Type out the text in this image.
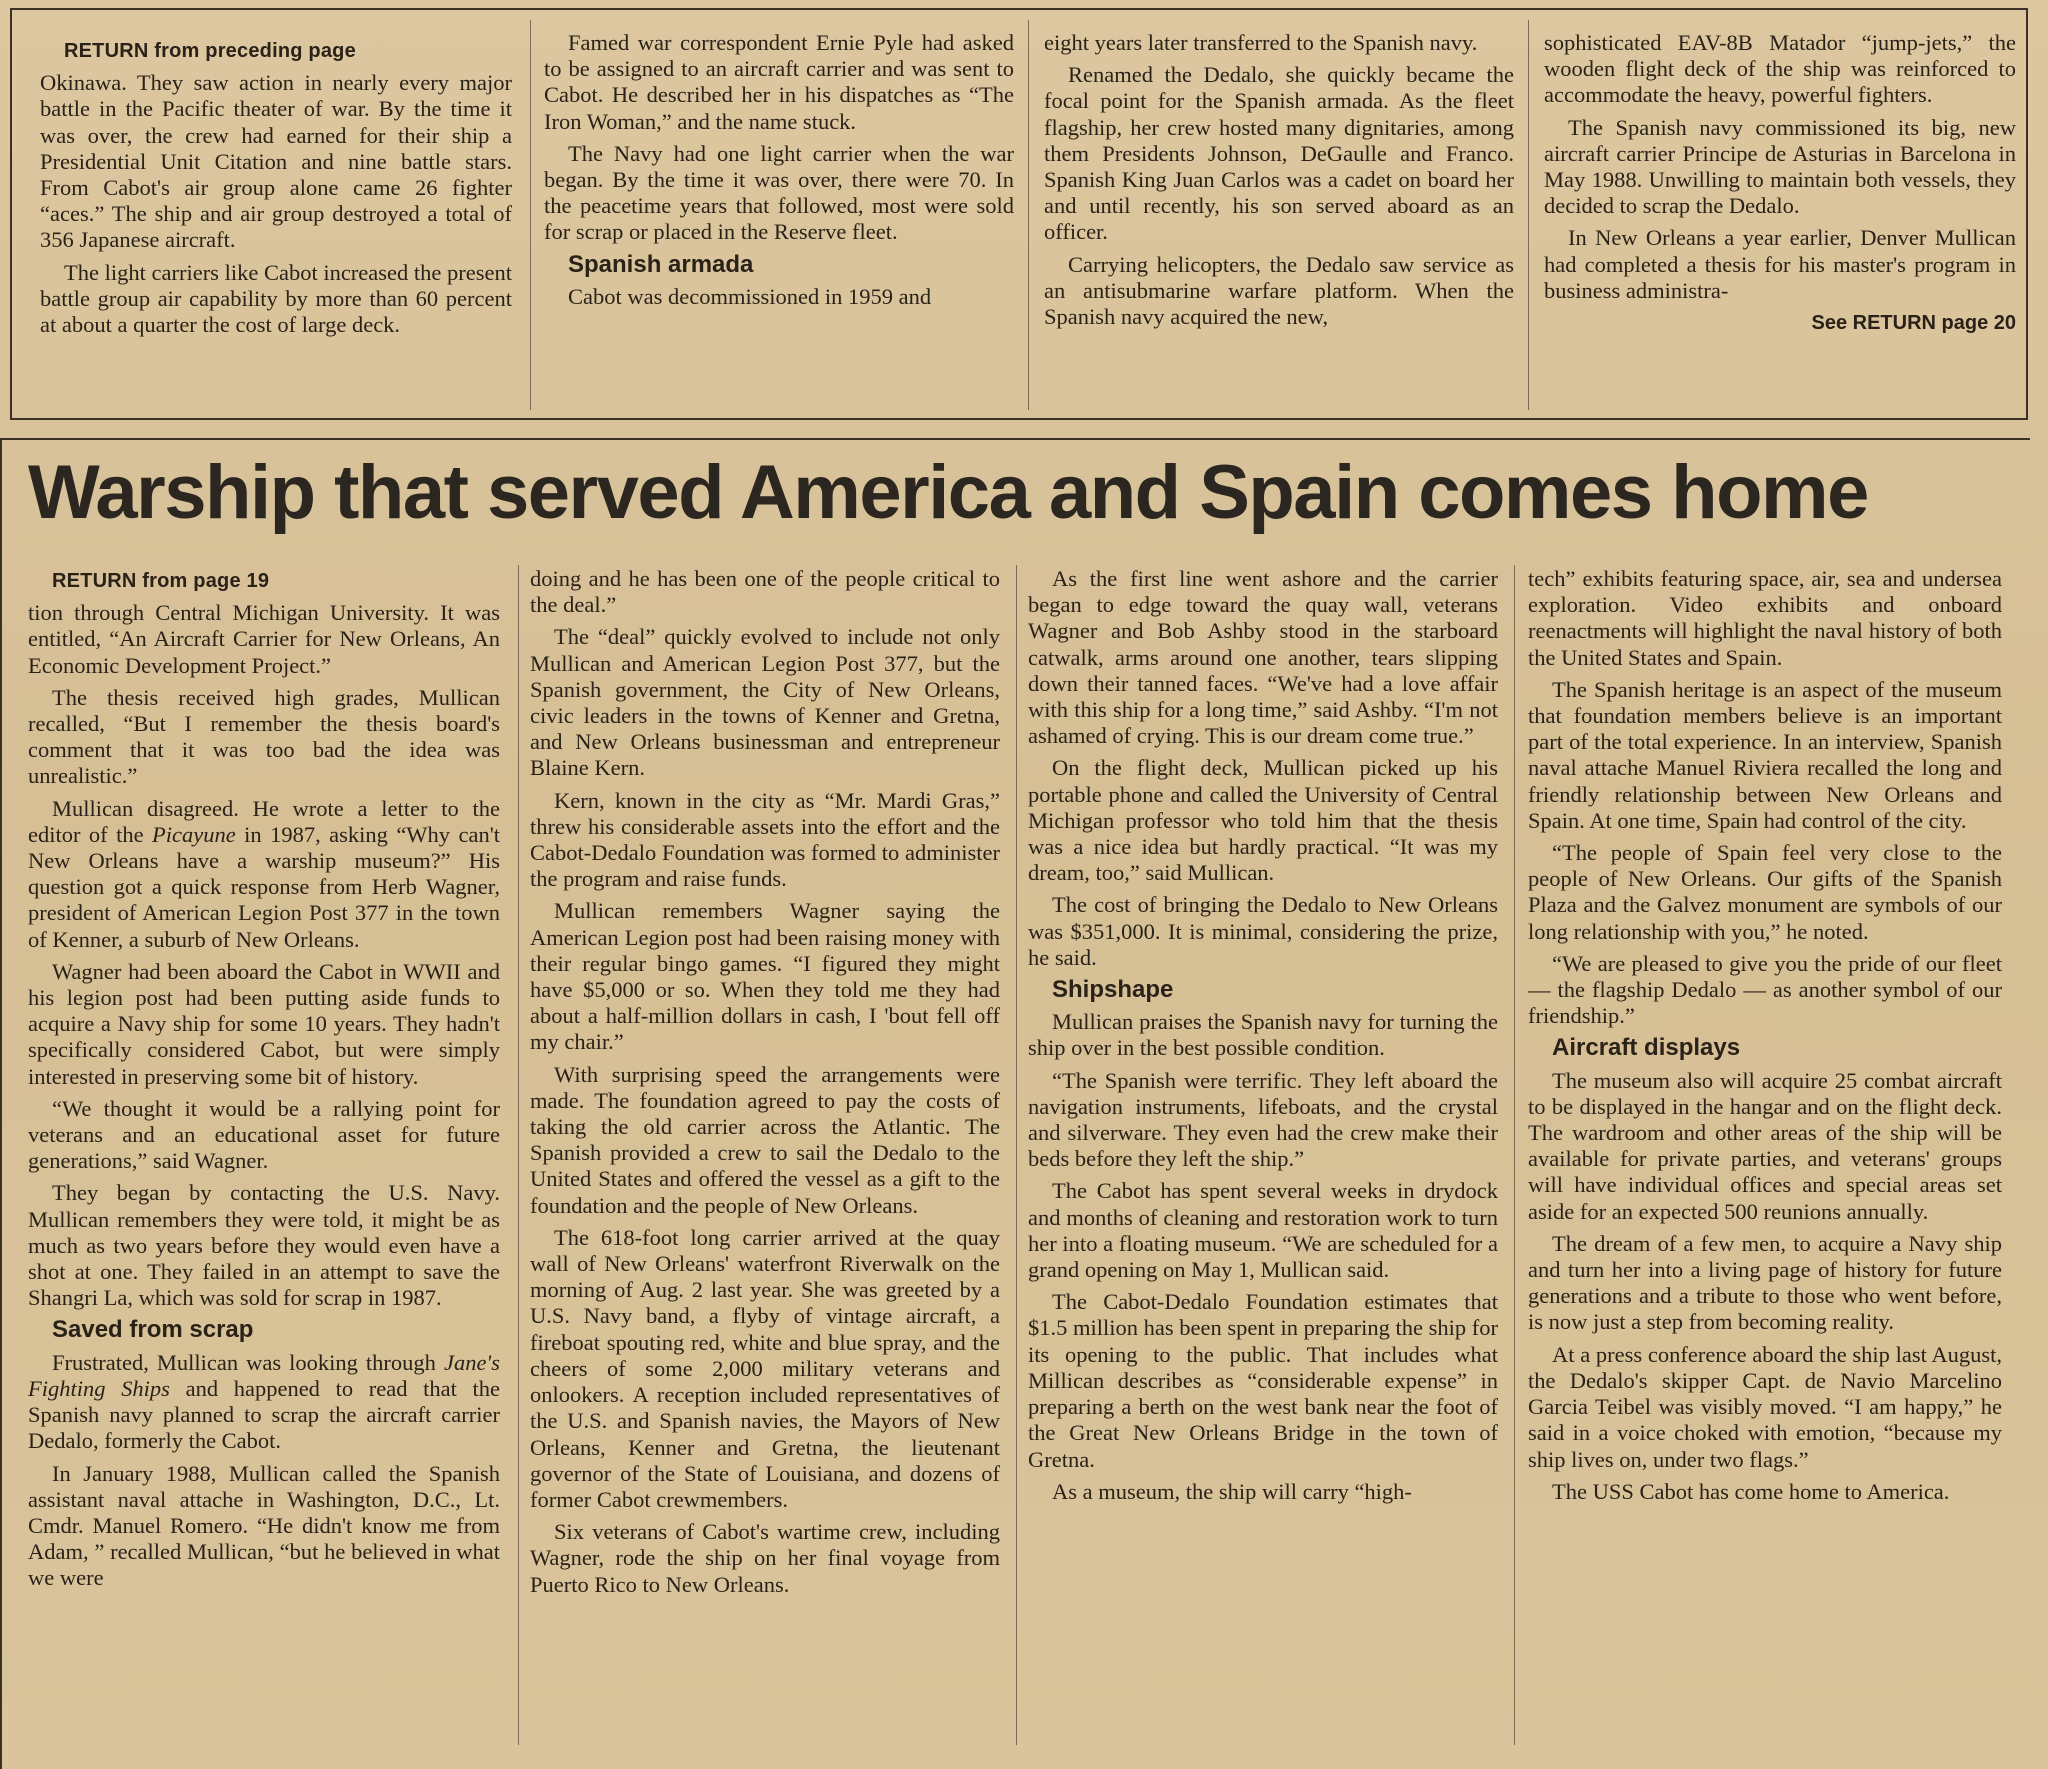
RETURN from preceding page

Okinawa. They saw action in nearly every major battle in the Pacific theater of war. By the time it was over, the crew had earned for their ship a Presidential Unit Citation and nine battle stars. From Cabot's air group alone came 26 fighter “aces.” The ship and air group destroyed a total of 356 Japanese aircraft.

The light carriers like Cabot increased the present battle group air capability by more than 60 percent at about a quarter the cost of large deck.

Famed war correspondent Ernie Pyle had asked to be assigned to an aircraft carrier and was sent to Cabot. He described her in his dispatches as “The Iron Woman,” and the name stuck.

The Navy had one light carrier when the war began. By the time it was over, there were 70. In the peacetime years that followed, most were sold for scrap or placed in the Reserve fleet.

Spanish armada

Cabot was decommissioned in 1959 and

eight years later transferred to the Spanish navy.

Renamed the Dedalo, she quickly became the focal point for the Spanish armada. As the fleet flagship, her crew hosted many dignitaries, among them Presidents Johnson, DeGaulle and Franco. Spanish King Juan Carlos was a cadet on board her and until recently, his son served aboard as an officer.

Carrying helicopters, the Dedalo saw service as an antisubmarine warfare platform. When the Spanish navy acquired the new,

sophisticated EAV-8B Matador “jump-jets,” the wooden flight deck of the ship was reinforced to accommodate the heavy, powerful fighters.

The Spanish navy commissioned its big, new aircraft carrier Principe de Asturias in Barcelona in May 1988. Unwilling to maintain both vessels, they decided to scrap the Dedalo.

In New Orleans a year earlier, Denver Mullican had completed a thesis for his master's program in business administra-

See RETURN page 20

Warship that served America and Spain comes home

RETURN from page 19

tion through Central Michigan University. It was entitled, “An Aircraft Carrier for New Orleans, An Economic Development Project.”

The thesis received high grades, Mullican recalled, “But I remember the thesis board's comment that it was too bad the idea was unrealistic.”

Mullican disagreed. He wrote a letter to the editor of the Picayune in 1987, asking “Why can't New Orleans have a warship museum?” His question got a quick response from Herb Wagner, president of American Legion Post 377 in the town of Kenner, a suburb of New Orleans.

Wagner had been aboard the Cabot in WWII and his legion post had been putting aside funds to acquire a Navy ship for some 10 years. They hadn't specifically considered Cabot, but were simply interested in preserving some bit of history.

“We thought it would be a rallying point for veterans and an educational asset for future generations,” said Wagner.

They began by contacting the U.S. Navy. Mullican remembers they were told, it might be as much as two years before they would even have a shot at one. They failed in an attempt to save the Shangri La, which was sold for scrap in 1987.

Saved from scrap

Frustrated, Mullican was looking through Jane's Fighting Ships and happened to read that the Spanish navy planned to scrap the aircraft carrier Dedalo, formerly the Cabot.

In January 1988, Mullican called the Spanish assistant naval attache in Washington, D.C., Lt. Cmdr. Manuel Romero. “He didn't know me from Adam, ” recalled Mullican, “but he believed in what we were

doing and he has been one of the people critical to the deal.”

The “deal” quickly evolved to include not only Mullican and American Legion Post 377, but the Spanish government, the City of New Orleans, civic leaders in the towns of Kenner and Gretna, and New Orleans businessman and entrepreneur Blaine Kern.

Kern, known in the city as “Mr. Mardi Gras,” threw his considerable assets into the effort and the Cabot-Dedalo Foundation was formed to administer the program and raise funds.

Mullican remembers Wagner saying the American Legion post had been raising money with their regular bingo games. “I figured they might have $5,000 or so. When they told me they had about a half-million dollars in cash, I 'bout fell off my chair.”

With surprising speed the arrangements were made. The foundation agreed to pay the costs of taking the old carrier across the Atlantic. The Spanish provided a crew to sail the Dedalo to the United States and offered the vessel as a gift to the foundation and the people of New Orleans.

The 618-foot long carrier arrived at the quay wall of New Orleans' waterfront Riverwalk on the morning of Aug. 2 last year. She was greeted by a U.S. Navy band, a flyby of vintage aircraft, a fireboat spouting red, white and blue spray, and the cheers of some 2,000 military veterans and onlookers. A reception included representatives of the U.S. and Spanish navies, the Mayors of New Orleans, Kenner and Gretna, the lieutenant governor of the State of Louisiana, and dozens of former Cabot crewmembers.

Six veterans of Cabot's wartime crew, including Wagner, rode the ship on her final voyage from Puerto Rico to New Orleans.

As the first line went ashore and the carrier began to edge toward the quay wall, veterans Wagner and Bob Ashby stood in the starboard catwalk, arms around one another, tears slipping down their tanned faces. “We've had a love affair with this ship for a long time,” said Ashby. “I'm not ashamed of crying. This is our dream come true.”

On the flight deck, Mullican picked up his portable phone and called the University of Central Michigan professor who told him that the thesis was a nice idea but hardly practical. “It was my dream, too,” said Mullican.

The cost of bringing the Dedalo to New Orleans was $351,000. It is minimal, considering the prize, he said.

Shipshape

Mullican praises the Spanish navy for turning the ship over in the best possible condition.

“The Spanish were terrific. They left aboard the navigation instruments, lifeboats, and the crystal and silverware. They even had the crew make their beds before they left the ship.”

The Cabot has spent several weeks in drydock and months of cleaning and restoration work to turn her into a floating museum. “We are scheduled for a grand opening on May 1, Mullican said.

The Cabot-Dedalo Foundation estimates that $1.5 million has been spent in preparing the ship for its opening to the public. That includes what Millican describes as “considerable expense” in preparing a berth on the west bank near the foot of the Great New Orleans Bridge in the town of Gretna.

As a museum, the ship will carry “high-

tech” exhibits featuring space, air, sea and undersea exploration. Video exhibits and onboard reenactments will highlight the naval history of both the United States and Spain.

The Spanish heritage is an aspect of the museum that foundation members believe is an important part of the total experience. In an interview, Spanish naval attache Manuel Riviera recalled the long and friendly relationship between New Orleans and Spain. At one time, Spain had control of the city.

“The people of Spain feel very close to the people of New Orleans. Our gifts of the Spanish Plaza and the Galvez monument are symbols of our long relationship with you,” he noted.

“We are pleased to give you the pride of our fleet — the flagship Dedalo — as another symbol of our friendship.”

Aircraft displays

The museum also will acquire 25 combat aircraft to be displayed in the hangar and on the flight deck. The wardroom and other areas of the ship will be available for private parties, and veterans' groups will have individual offices and special areas set aside for an expected 500 reunions annually.

The dream of a few men, to acquire a Navy ship and turn her into a living page of history for future generations and a tribute to those who went before, is now just a step from becoming reality.

At a press conference aboard the ship last August, the Dedalo's skipper Capt. de Navio Marcelino Garcia Teibel was visibly moved. “I am happy,” he said in a voice choked with emotion, “because my ship lives on, under two flags.”

The USS Cabot has come home to America.
